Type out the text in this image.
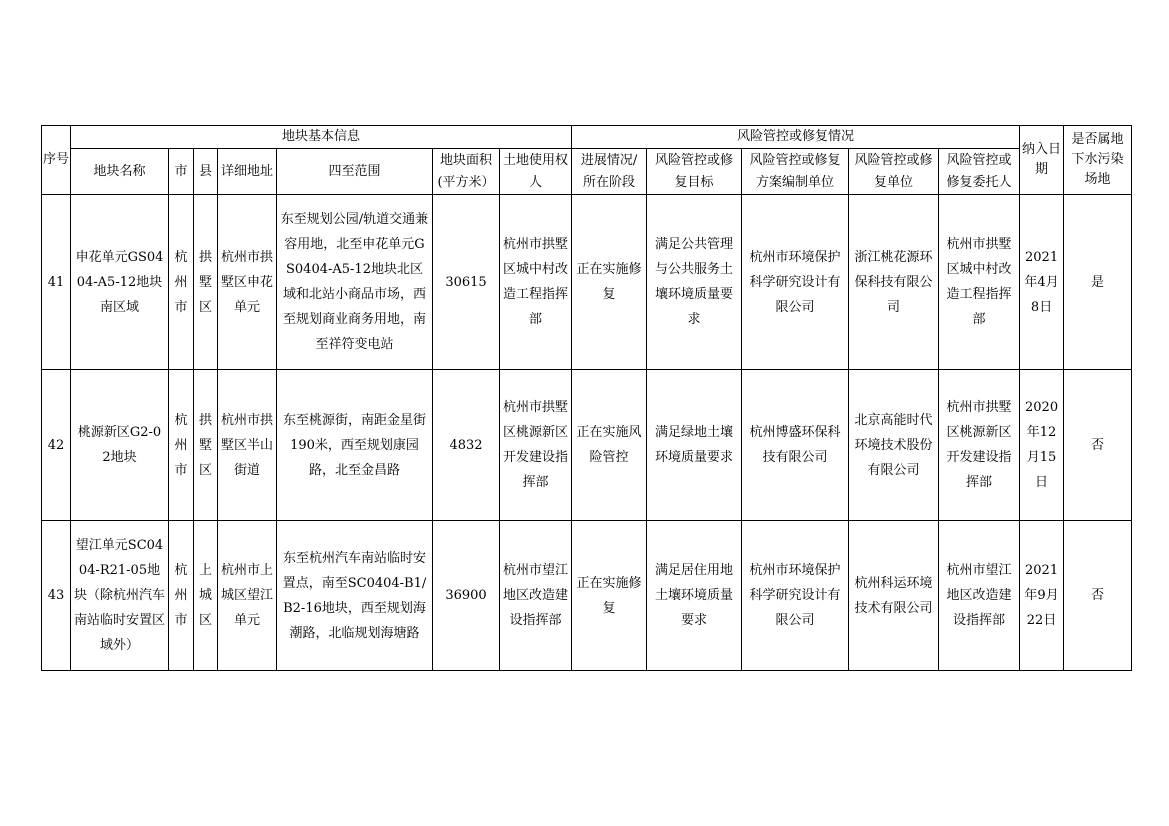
序号	地块基本信息							风险管控或修复情况					纳入日期	是否属地下水污染场地
	地块名称	市	县	详细地址	四至范围	地块面积(平方米）	土地使用权人	进展情况/所在阶段	风险管控或修复目标	风险管控或修复方案编制单位	风险管控或修复单位	风险管控或修复委托人		
41	申花单元GS0404-A5-12地块南区域	杭州市	拱墅区	杭州市拱墅区申花单元	东至规划公园/轨道交通兼容用地，北至申花单元GS0404-A5-12地块北区域和北站小商品市场，西至规划商业商务用地，南至祥符变电站	30615	杭州市拱墅区城中村改造工程指挥部	正在实施修复	满足公共管理与公共服务土壤环境质量要求	杭州市环境保护科学研究设计有限公司	浙江桃花源环保科技有限公司	杭州市拱墅区城中村改造工程指挥部	2021年4月8日	是
42	桃源新区G2-02地块	杭州市	拱墅区	杭州市拱墅区半山街道	东至桃源街，南距金星街190米，西至规划康园路，北至金昌路	4832	杭州市拱墅区桃源新区开发建设指挥部	正在实施风险管控	满足绿地土壤环境质量要求	杭州博盛环保科技有限公司	北京高能时代环境技术股份有限公司	杭州市拱墅区桃源新区开发建设指挥部	2020年12月15日	否
43	望江单元SC0404-R21-05地块（除杭州汽车南站临时安置区域外）	杭州市	上城区	杭州市上城区望江单元	东至杭州汽车南站临时安置点，南至SC0404-B1/B2-16地块，西至规划海潮路，北临规划海塘路	36900	杭州市望江地区改造建设指挥部	正在实施修复	满足居住用地土壤环境质量要求	杭州市环境保护科学研究设计有限公司	杭州科运环境技术有限公司	杭州市望江地区改造建设指挥部	2021年9月22日	否
